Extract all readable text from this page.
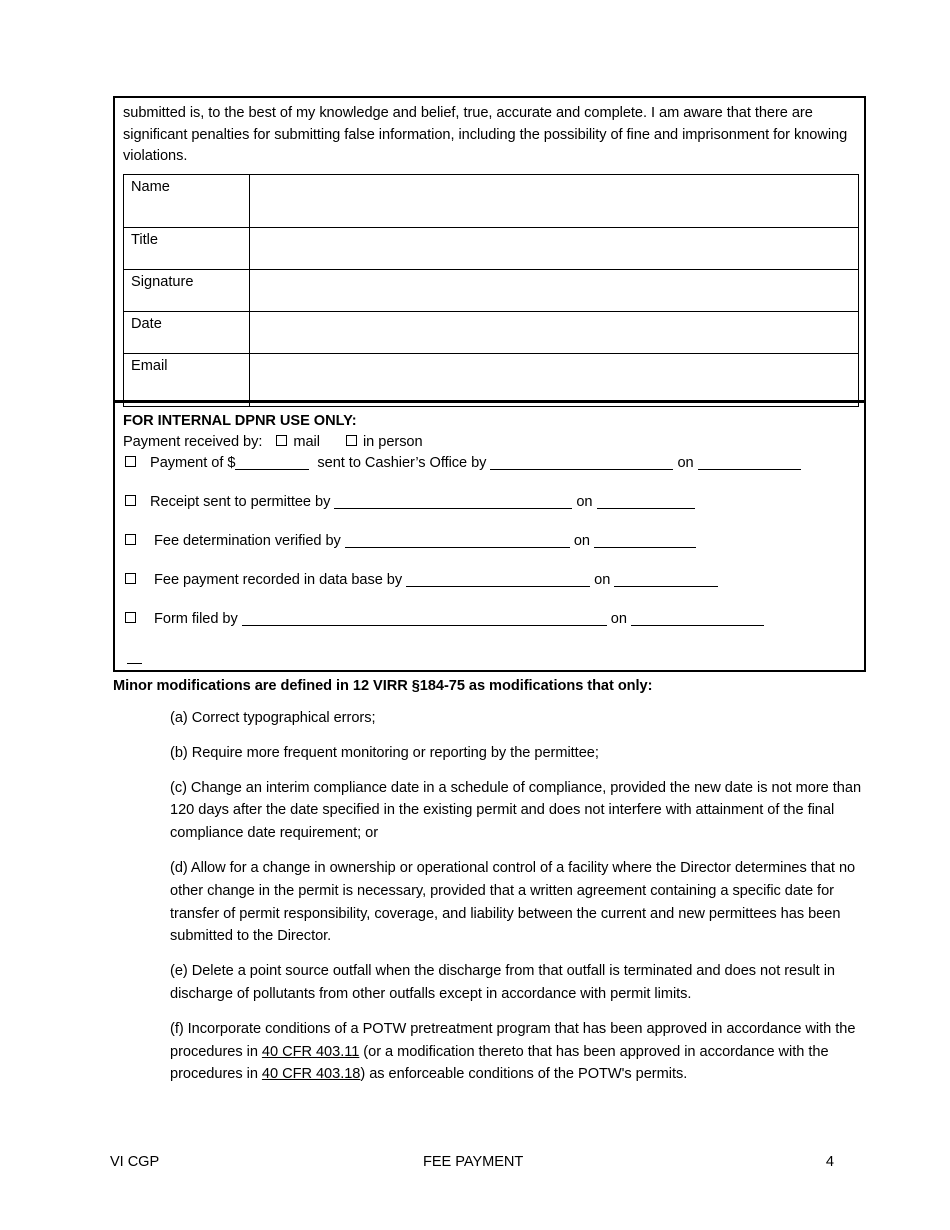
submitted is, to the best of my knowledge and belief, true, accurate and complete. I am aware that there are significant penalties for submitting false information, including the possibility of fine and imprisonment for knowing violations.
Name	
Title	
Signature	
Date	
Email	
FOR INTERNAL DPNR USE ONLY:
Payment received by: mail	in person
Payment of $	sent to Cashier’s Office by	on
Receipt sent to permittee by	on
Fee determination verified by	on
Fee payment recorded in data base by	on
Form filed by	on

Minor modifications are defined in 12 VIRR §184-75 as modifications that only:

(a) Correct typographical errors;

(b) Require more frequent monitoring or reporting by the permittee;

(c) Change an interim compliance date in a schedule of compliance, provided the new date is not more than 120 days after the date specified in the existing permit and does not interfere with attainment of the final compliance date requirement; or

(d) Allow for a change in ownership or operational control of a facility where the Director determines that no other change in the permit is necessary, provided that a written agreement containing a specific date for transfer of permit responsibility, coverage, and liability between the current and new permittees has been submitted to the Director.

(e) Delete a point source outfall when the discharge from that outfall is terminated and does not result in discharge of pollutants from other outfalls except in accordance with permit limits.

(f) Incorporate conditions of a POTW pretreatment program that has been approved in accordance with the procedures in 40 CFR 403.11 (or a modification thereto that has been approved in accordance with the procedures in 40 CFR 403.18) as enforceable conditions of the POTW's permits.

VI CGP	FEE PAYMENT	4
